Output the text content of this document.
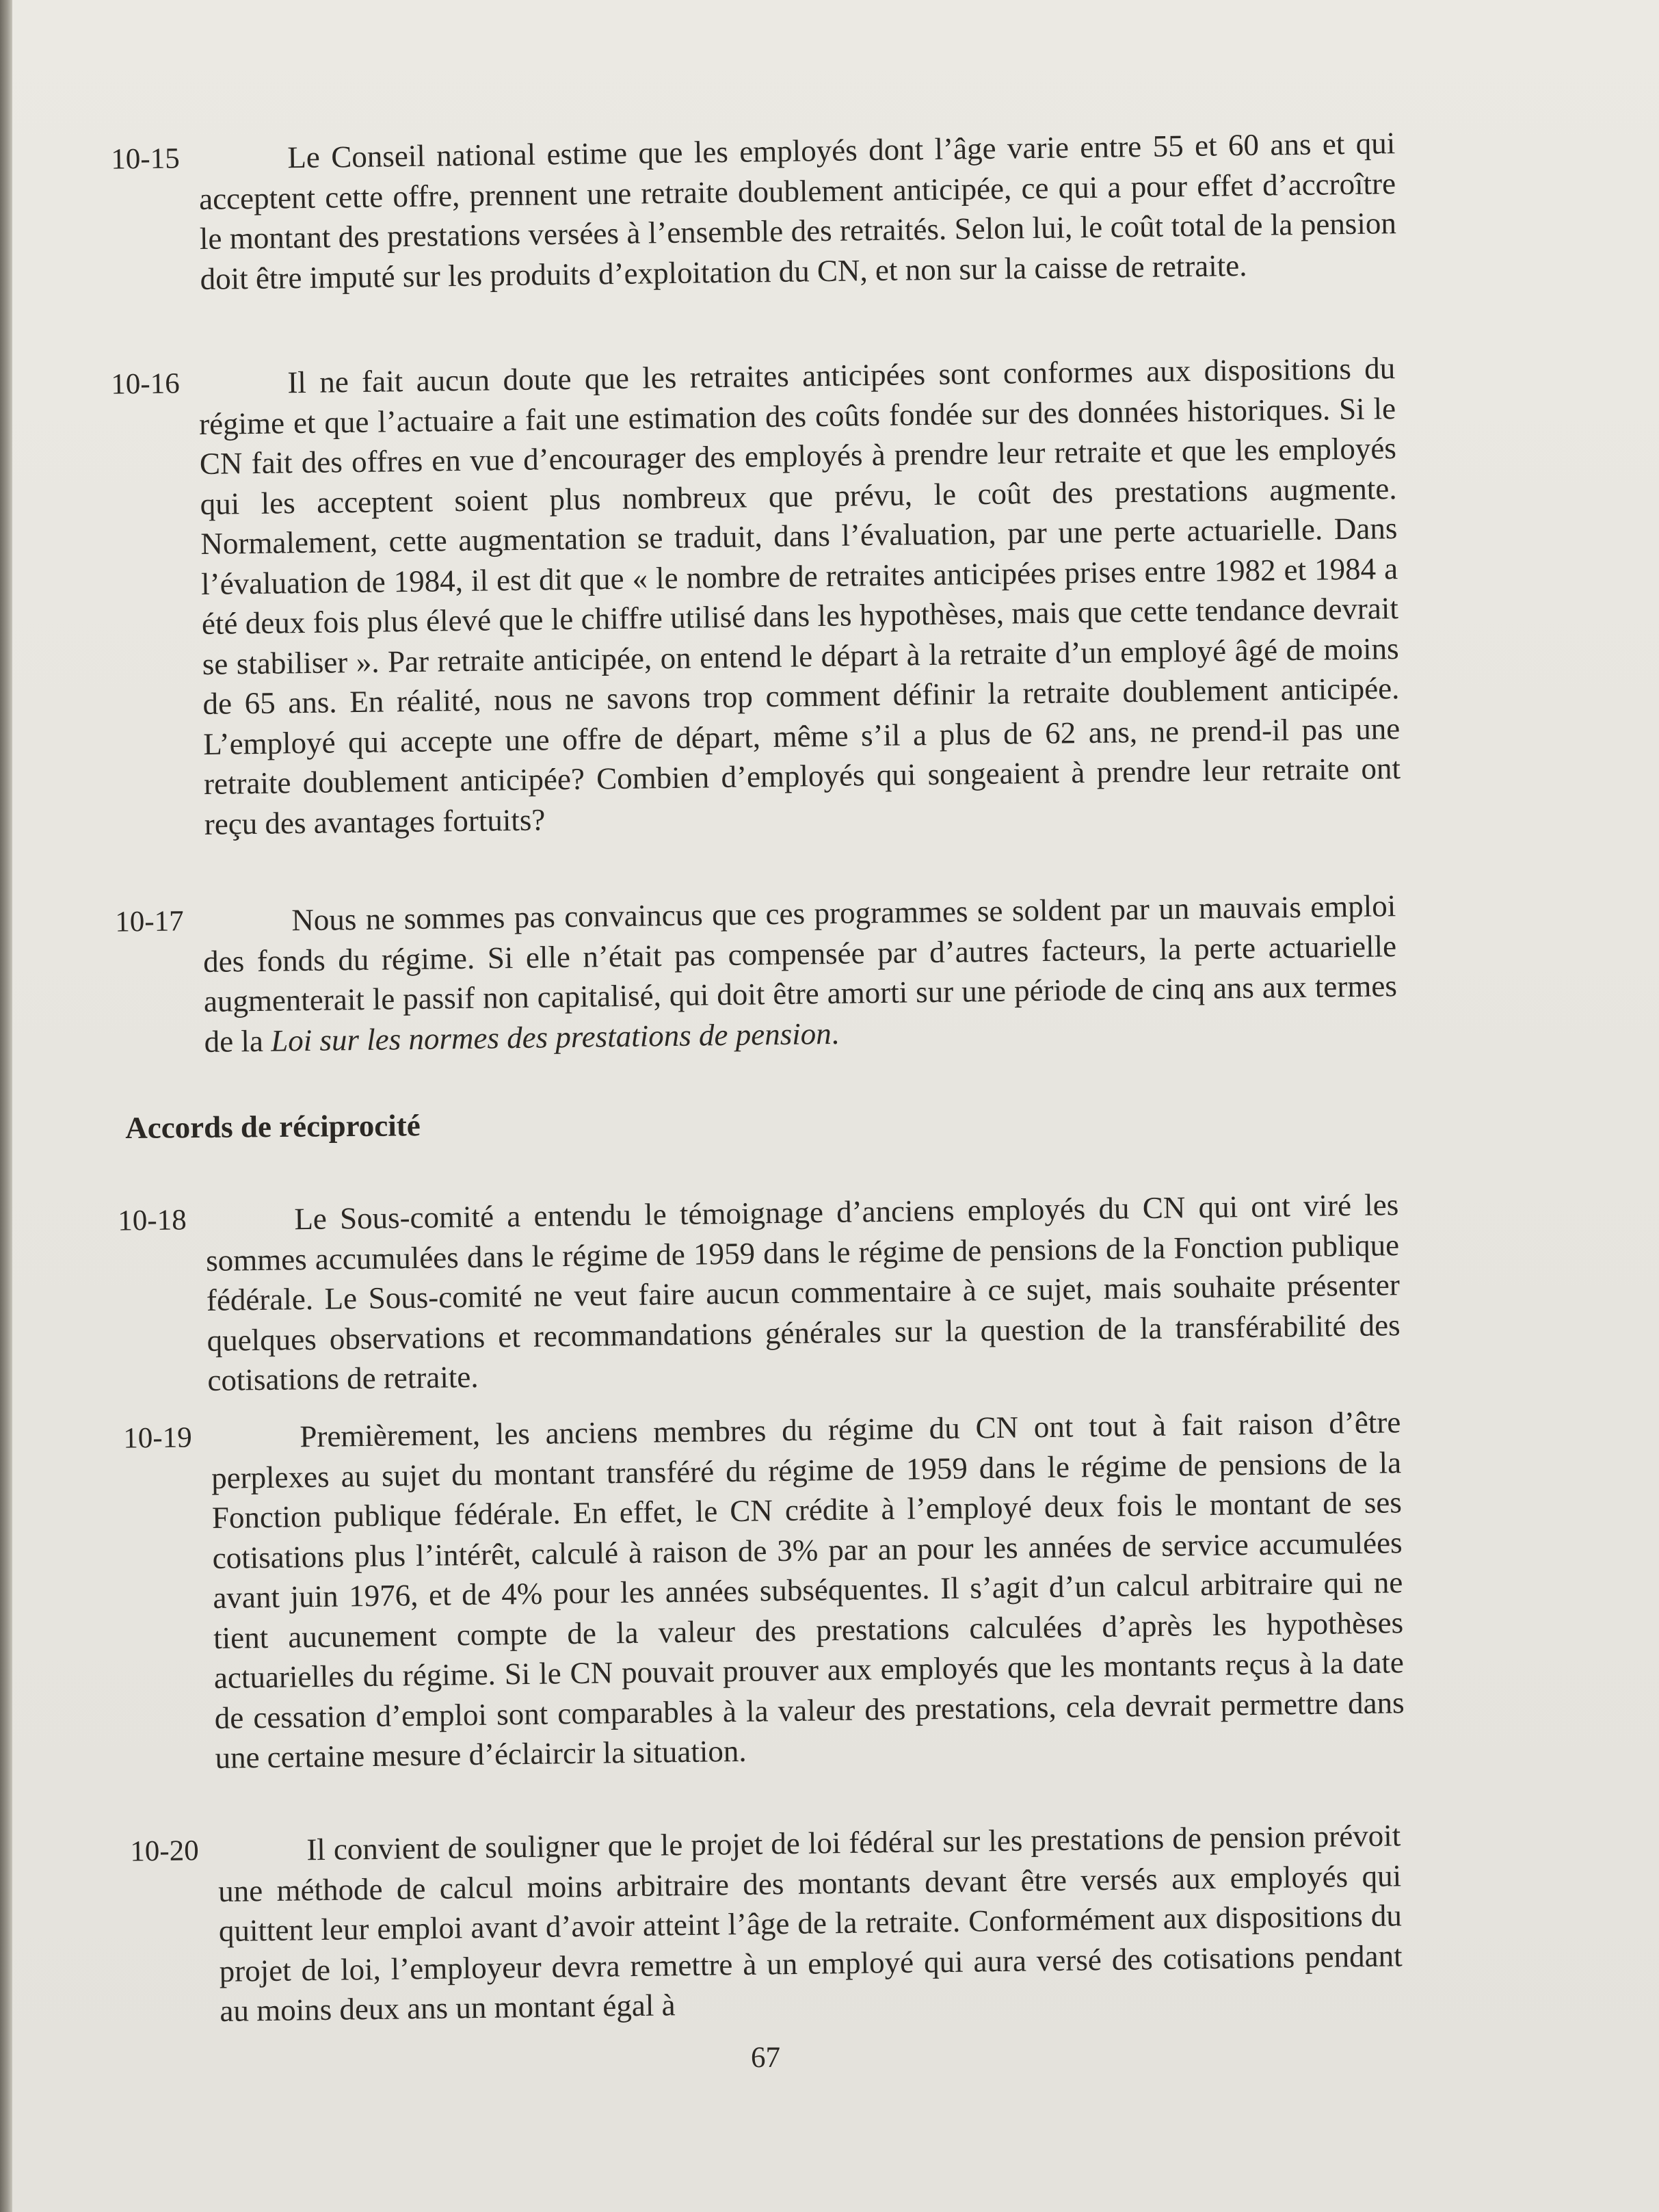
10-15	Le Conseil national estime que les employés dont l’âge varie entre 55 et 60 ans et qui acceptent cette offre, prennent une retraite doublement anticipée, ce qui a pour effet d’accroître le montant des prestations versées à l’ensemble des retraités. Selon lui, le coût total de la pension doit être imputé sur les produits d’exploitation du CN, et non sur la caisse de retraite.

10-16	Il ne fait aucun doute que les retraites anticipées sont conformes aux dispositions du régime et que l’actuaire a fait une estimation des coûts fondée sur des données historiques. Si le CN fait des offres en vue d’encourager des employés à prendre leur retraite et que les employés qui les acceptent soient plus nombreux que prévu, le coût des prestations augmente. Normalement, cette augmentation se traduit, dans l’évaluation, par une perte actuarielle. Dans l’évaluation de 1984, il est dit que « le nombre de retraites anticipées prises entre 1982 et 1984 a été deux fois plus élevé que le chiffre utilisé dans les hypothèses, mais que cette tendance devrait se stabiliser ». Par retraite anticipée, on entend le départ à la retraite d’un employé âgé de moins de 65 ans. En réalité, nous ne savons trop comment définir la retraite doublement anticipée. L’employé qui accepte une offre de départ, même s’il a plus de 62 ans, ne prend-il pas une retraite doublement anticipée? Combien d’employés qui songeaient à prendre leur retraite ont reçu des avantages fortuits?

10-17	Nous ne sommes pas convaincus que ces programmes se soldent par un mauvais emploi des fonds du régime. Si elle n’était pas compensée par d’autres facteurs, la perte actuarielle augmenterait le passif non capitalisé, qui doit être amorti sur une période de cinq ans aux termes de la Loi sur les normes des prestations de pension.

Accords de réciprocité
10-18	Le Sous-comité a entendu le témoignage d’anciens employés du CN qui ont viré les sommes accumulées dans le régime de 1959 dans le régime de pensions de la Fonction publique fédérale. Le Sous-comité ne veut faire aucun commentaire à ce sujet, mais souhaite présenter quelques observations et recommandations générales sur la question de la transférabilité des cotisations de retraite.

10-19	Premièrement, les anciens membres du régime du CN ont tout à fait raison d’être perplexes au sujet du montant transféré du régime de 1959 dans le régime de pensions de la Fonction publique fédérale. En effet, le CN crédite à l’employé deux fois le montant de ses cotisations plus l’intérêt, calculé à raison de 3% par an pour les années de service accumulées avant juin 1976, et de 4% pour les années subséquentes. Il s’agit d’un calcul arbitraire qui ne tient aucunement compte de la valeur des prestations calculées d’après les hypothèses actuarielles du régime. Si le CN pouvait prouver aux employés que les montants reçus à la date de cessation d’emploi sont comparables à la valeur des prestations, cela devrait permettre dans une certaine mesure d’éclaircir la situation.

10-20	Il convient de souligner que le projet de loi fédéral sur les prestations de pension prévoit une méthode de calcul moins arbitraire des montants devant être versés aux employés qui quittent leur emploi avant d’avoir atteint l’âge de la retraite. Conformément aux dispositions du projet de loi, l’employeur devra remettre à un employé qui aura versé des cotisations pendant au moins deux ans un montant égal à

67
